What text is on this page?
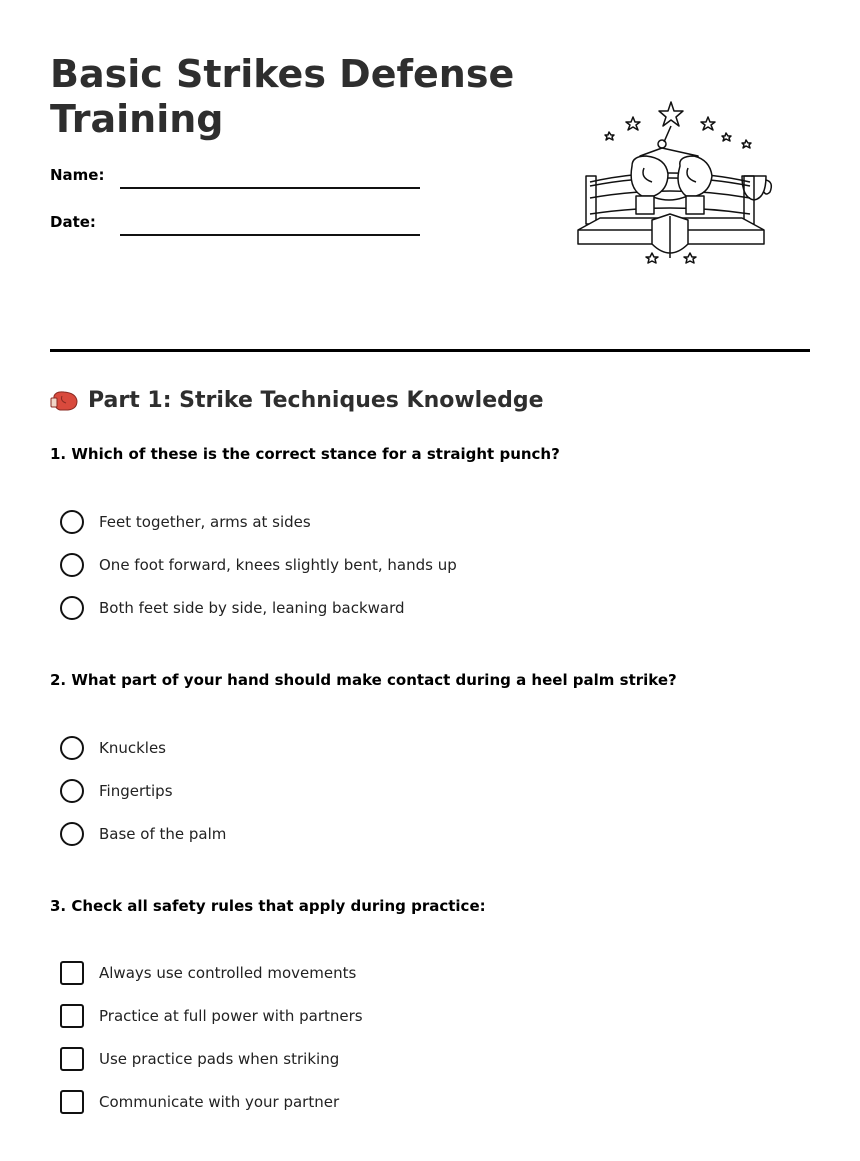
Basic Strikes Defense Training
Name:
Date:
Part 1: Strike Techniques Knowledge

1. Which of these is the correct stance for a straight punch?

Feet together, arms at sides
One foot forward, knees slightly bent, hands up
Both feet side by side, leaning backward

2. What part of your hand should make contact during a heel palm strike?

Knuckles
Fingertips
Base of the palm

3. Check all safety rules that apply during practice:

Always use controlled movements
Practice at full power with partners
Use practice pads when striking
Communicate with your partner
